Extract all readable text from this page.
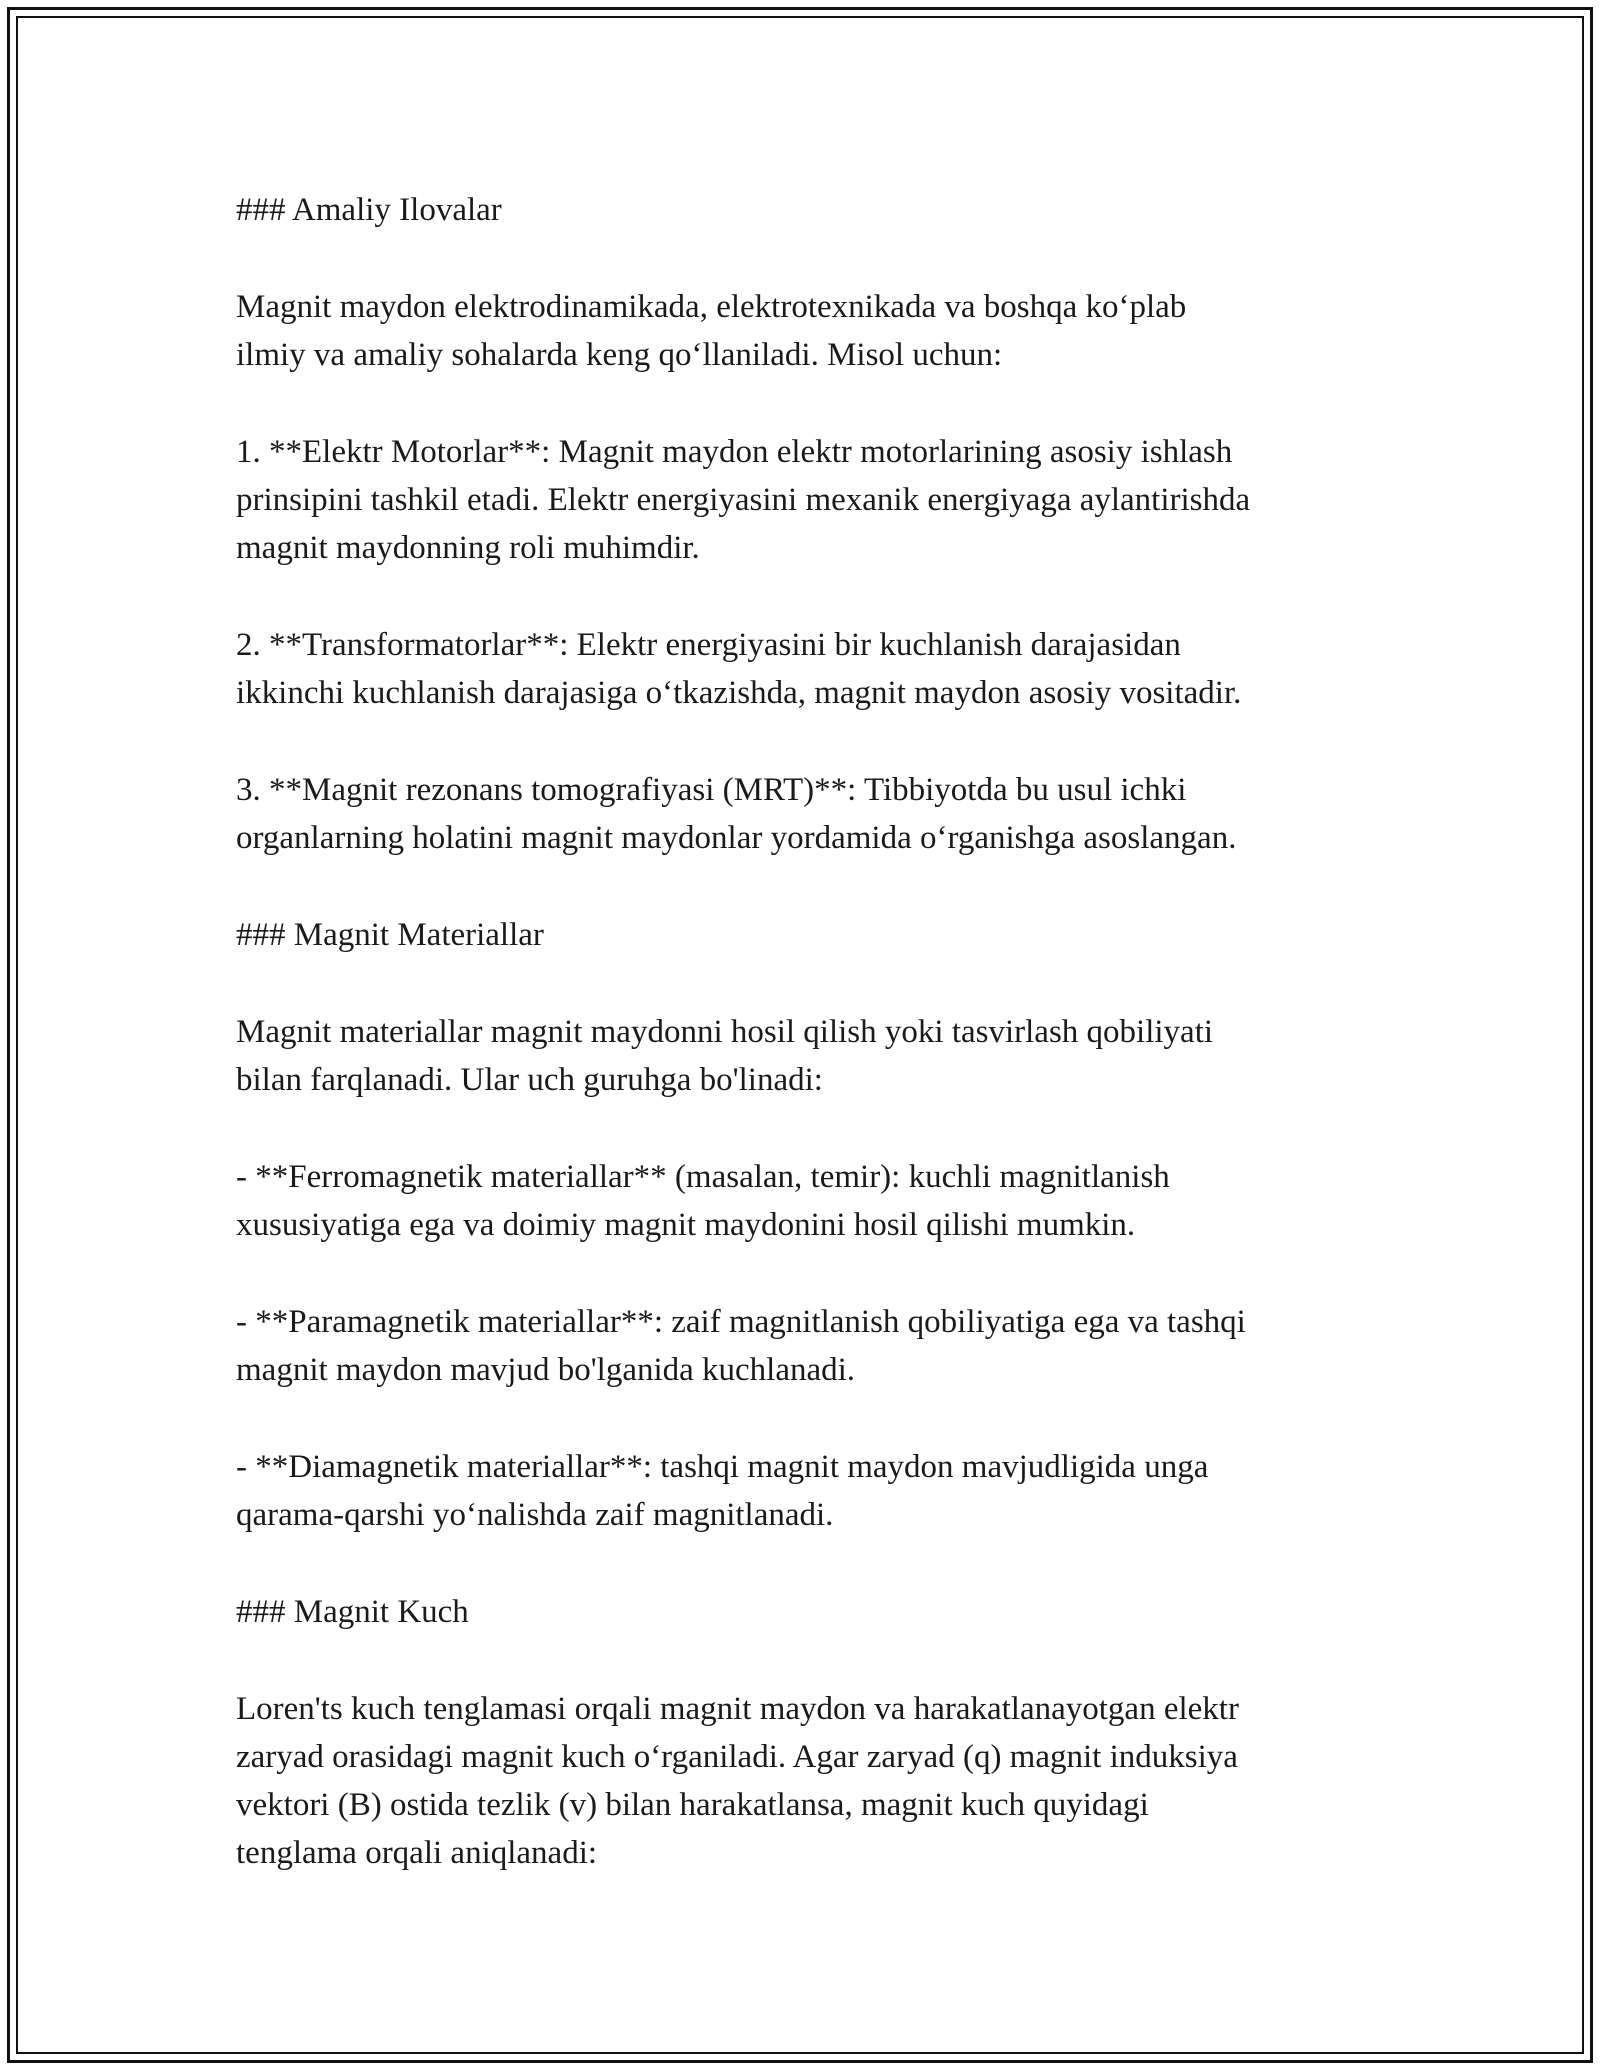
### Amaliy Ilovalar
Magnit maydon elektrodinamikada, elektrotexnikada va boshqa ko‘plab
ilmiy va amaliy sohalarda keng qo‘llaniladi. Misol uchun:
1. **Elektr Motorlar**: Magnit maydon elektr motorlarining asosiy ishlash
prinsipini tashkil etadi. Elektr energiyasini mexanik energiyaga aylantirishda
magnit maydonning roli muhimdir.
2. **Transformatorlar**: Elektr energiyasini bir kuchlanish darajasidan
ikkinchi kuchlanish darajasiga o‘tkazishda, magnit maydon asosiy vositadir.
3. **Magnit rezonans tomografiyasi (MRT)**: Tibbiyotda bu usul ichki
organlarning holatini magnit maydonlar yordamida o‘rganishga asoslangan.
### Magnit Materiallar
Magnit materiallar magnit maydonni hosil qilish yoki tasvirlash qobiliyati
bilan farqlanadi. Ular uch guruhga bo'linadi:
- **Ferromagnetik materiallar** (masalan, temir): kuchli magnitlanish
xususiyatiga ega va doimiy magnit maydonini hosil qilishi mumkin.
- **Paramagnetik materiallar**: zaif magnitlanish qobiliyatiga ega va tashqi
magnit maydon mavjud bo'lganida kuchlanadi.
- **Diamagnetik materiallar**: tashqi magnit maydon mavjudligida unga
qarama-qarshi yo‘nalishda zaif magnitlanadi.
### Magnit Kuch
Loren'ts kuch tenglamasi orqali magnit maydon va harakatlanayotgan elektr
zaryad orasidagi magnit kuch o‘rganiladi. Agar zaryad (q) magnit induksiya
vektori (B) ostida tezlik (v) bilan harakatlansa, magnit kuch quyidagi
tenglama orqali aniqlanadi:
